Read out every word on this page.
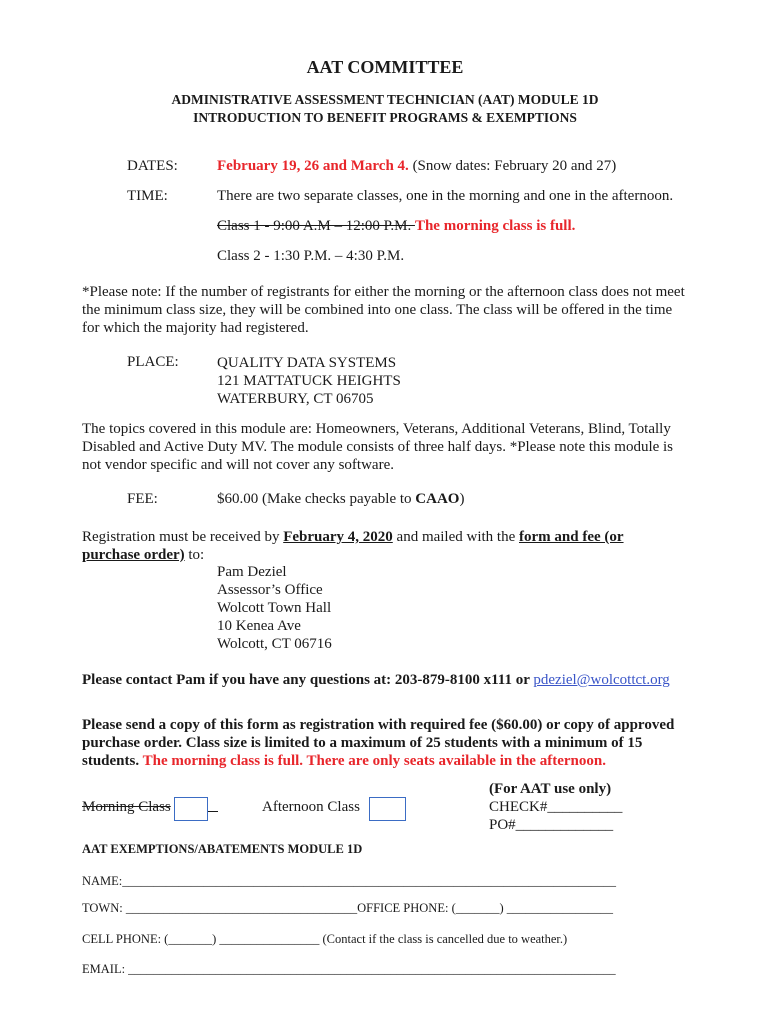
AAT COMMITTEE
ADMINISTRATIVE ASSESSMENT TECHNICIAN (AAT) MODULE 1D
INTRODUCTION TO BENEFIT PROGRAMS & EXEMPTIONS
DATES:	February 19, 26 and March 4. (Snow dates: February 20 and 27)
TIME:	There are two separate classes, one in the morning and one in the afternoon.
Class 1 - 9:00 A.M – 12:00 P.M. The morning class is full.
Class 2 - 1:30 P.M. – 4:30 P.M.
*Please note: If the number of registrants for either the morning or the afternoon class does not meet
the minimum class size, they will be combined into one class. The class will be offered in the time
for which the majority had registered.
PLACE:	QUALITY DATA SYSTEMS
121 MATTATUCK HEIGHTS
WATERBURY, CT 06705
The topics covered in this module are: Homeowners, Veterans, Additional Veterans, Blind, Totally
Disabled and Active Duty MV. The module consists of three half days. *Please note this module is
not vendor specific and will not cover any software.
FEE:	$60.00 (Make checks payable to CAAO)
Registration must be received by February 4, 2020 and mailed with the form and fee (or
purchase order) to:
Pam Deziel
Assessor’s Office
Wolcott Town Hall
10 Kenea Ave
Wolcott, CT 06716
Please contact Pam if you have any questions at: 203-879-8100 x111 or pdeziel@wolcottct.org
Please send a copy of this form as registration with required fee ($60.00) or copy of approved
purchase order. Class size is limited to a maximum of 25 students with a minimum of 15
students. The morning class is full. There are only seats available in the afternoon.
Morning Class	Afternoon Class
(For AAT use only)
CHECK#__________
PO#_____________
AAT EXEMPTIONS/ABATEMENTS MODULE 1D
NAME:_______________________________________________________________________________
TOWN: _____________________________________OFFICE PHONE: (_______) _________________
CELL PHONE: (_______) ________________ (Contact if the class is cancelled due to weather.)
EMAIL: ______________________________________________________________________________
